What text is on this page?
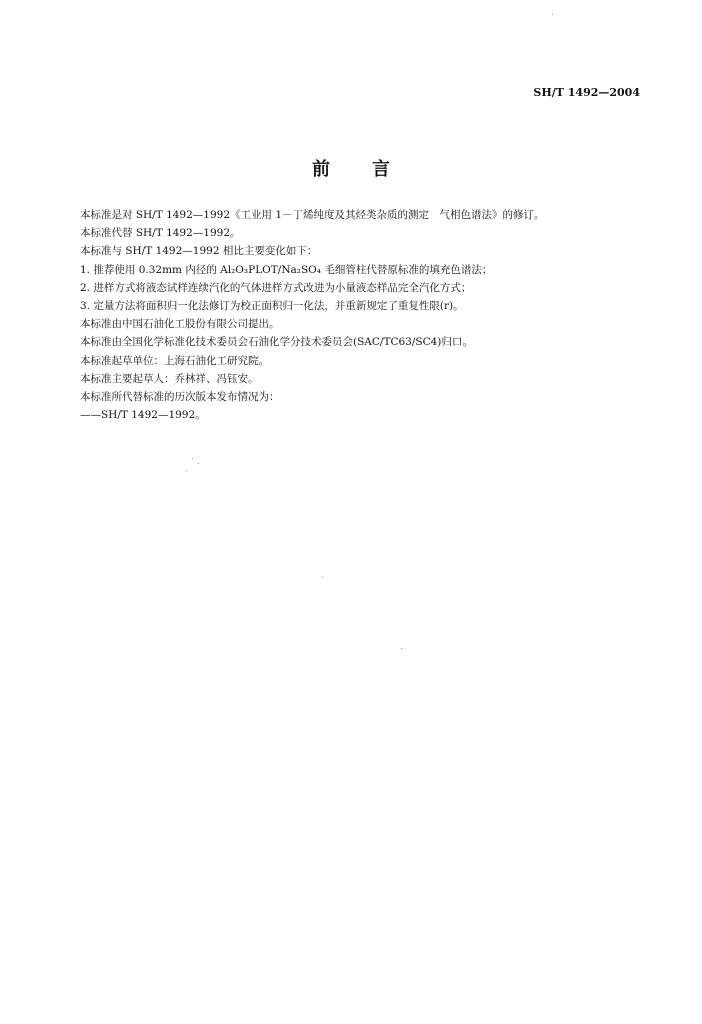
SH/T 1492—2004
前 言
本标准是对 SH/T 1492—1992《工业用 1－丁烯纯度及其烃类杂质的测定　气相色谱法》的修订。
本标准代替 SH/T 1492—1992。
本标准与 SH/T 1492—1992 相比主要变化如下：
1. 推荐使用 0.32mm 内径的 Al₂O₃PLOT/Na₂SO₄ 毛细管柱代替原标准的填充色谱法；
2. 进样方式将液态试样连续汽化的气体进样方式改进为小量液态样品完全汽化方式；
3. 定量方法将面积归一化法修订为校正面积归一化法，并重新规定了重复性限(r)。
本标准由中国石油化工股份有限公司提出。
本标准由全国化学标准化技术委员会石油化学分技术委员会(SAC/TC63/SC4)归口。
本标准起草单位：上海石油化工研究院。
本标准主要起草人：乔林祥、冯钰安。
本标准所代替标准的历次版本发布情况为：
——SH/T 1492—1992。
